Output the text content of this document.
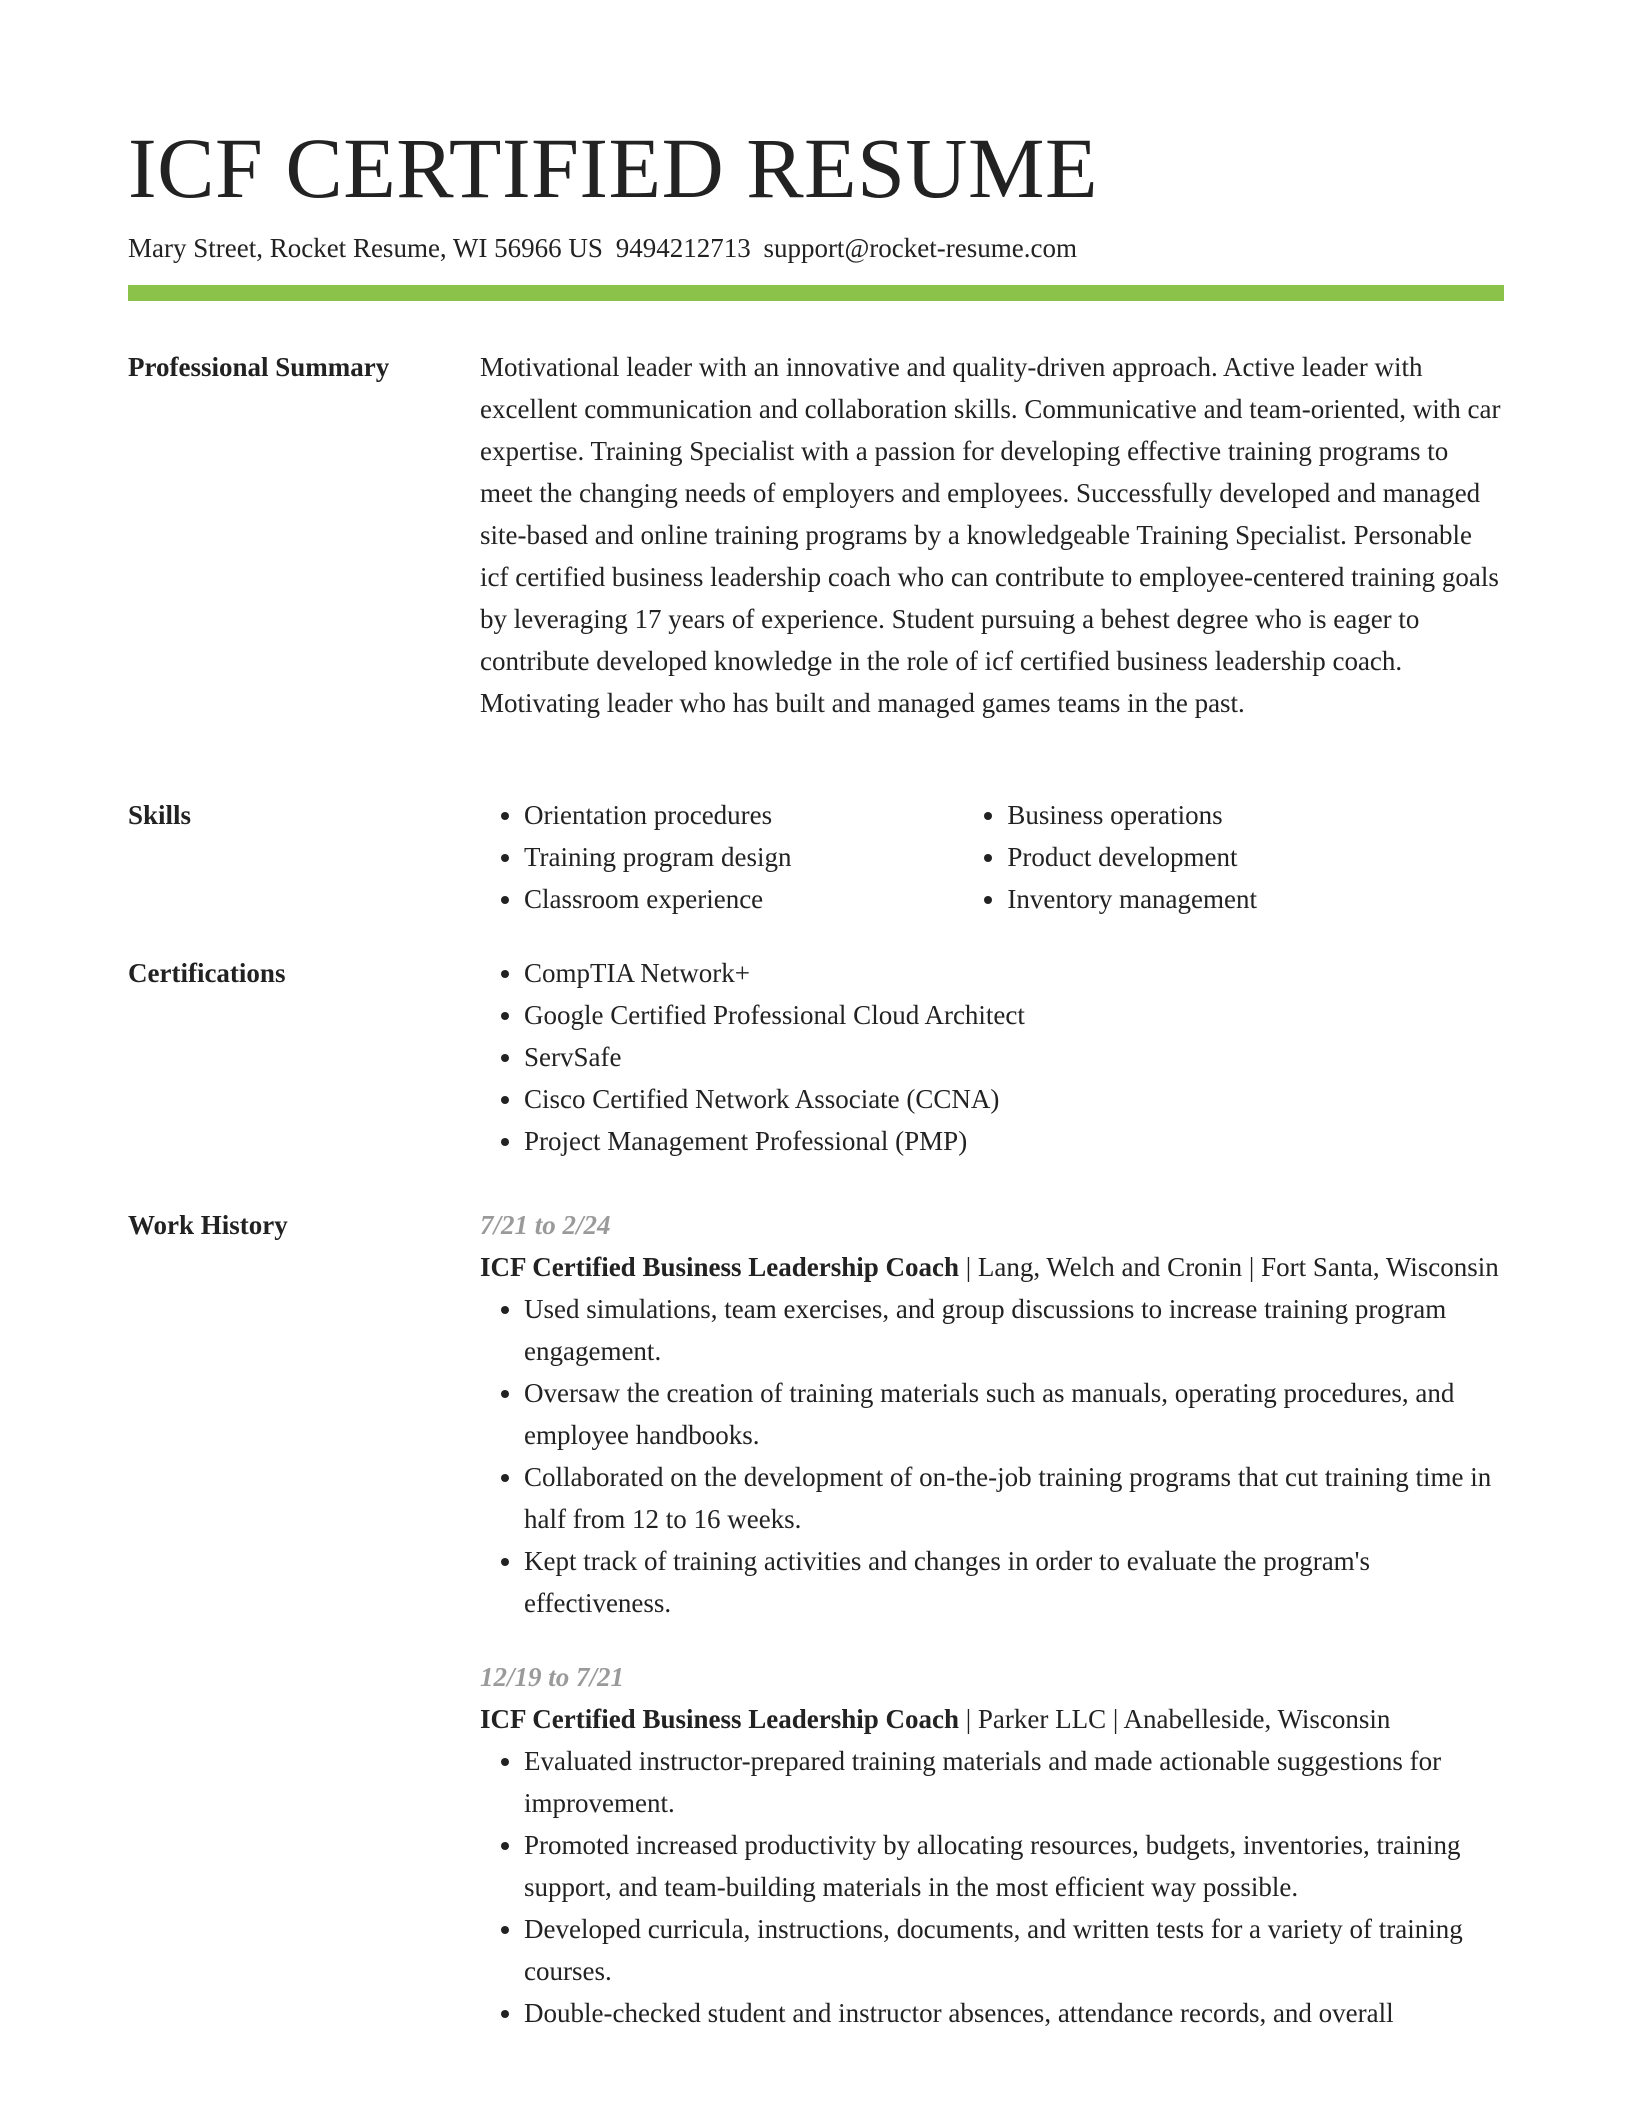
ICF CERTIFIED RESUME
Mary Street, Rocket Resume, WI 56966 US 9494212713 support@rocket-resume.com
Professional Summary	Motivational leader with an innovative and quality-driven approach. Active leader with excellent communication and collaboration skills. Communicative and team-oriented, with car expertise. Training Specialist with a passion for developing effective training programs to meet the changing needs of employers and employees. Successfully developed and managed site-based and online training programs by a knowledgeable Training Specialist. Personable icf certified business leadership coach who can contribute to employee-centered training goals by leveraging 17 years of experience. Student pursuing a behest degree who is eager to contribute developed knowledge in the role of icf certified business leadership coach. Motivating leader who has built and managed games teams in the past.

Skills	• Orientation procedures
• Training program design
• Classroom experience
• Business operations
• Product development
• Inventory management
Certifications	• CompTIA Network+
• Google Certified Professional Cloud Architect
• ServSafe
• Cisco Certified Network Associate (CCNA)
• Project Management Professional (PMP)
Work History	7/21 to 2/24
ICF Certified Business Leadership Coach | Lang, Welch and Cronin | Fort Santa, Wisconsin
• Used simulations, team exercises, and group discussions to increase training program engagement.
• Oversaw the creation of training materials such as manuals, operating procedures, and employee handbooks.
• Collaborated on the development of on-the-job training programs that cut training time in half from 12 to 16 weeks.
• Kept track of training activities and changes in order to evaluate the program's effectiveness.
12/19 to 7/21
ICF Certified Business Leadership Coach | Parker LLC | Anabelleside, Wisconsin
• Evaluated instructor-prepared training materials and made actionable suggestions for improvement.
• Promoted increased productivity by allocating resources, budgets, inventories, training support, and team-building materials in the most efficient way possible.
• Developed curricula, instructions, documents, and written tests for a variety of training courses.
• Double-checked student and instructor absences, attendance records, and overall
